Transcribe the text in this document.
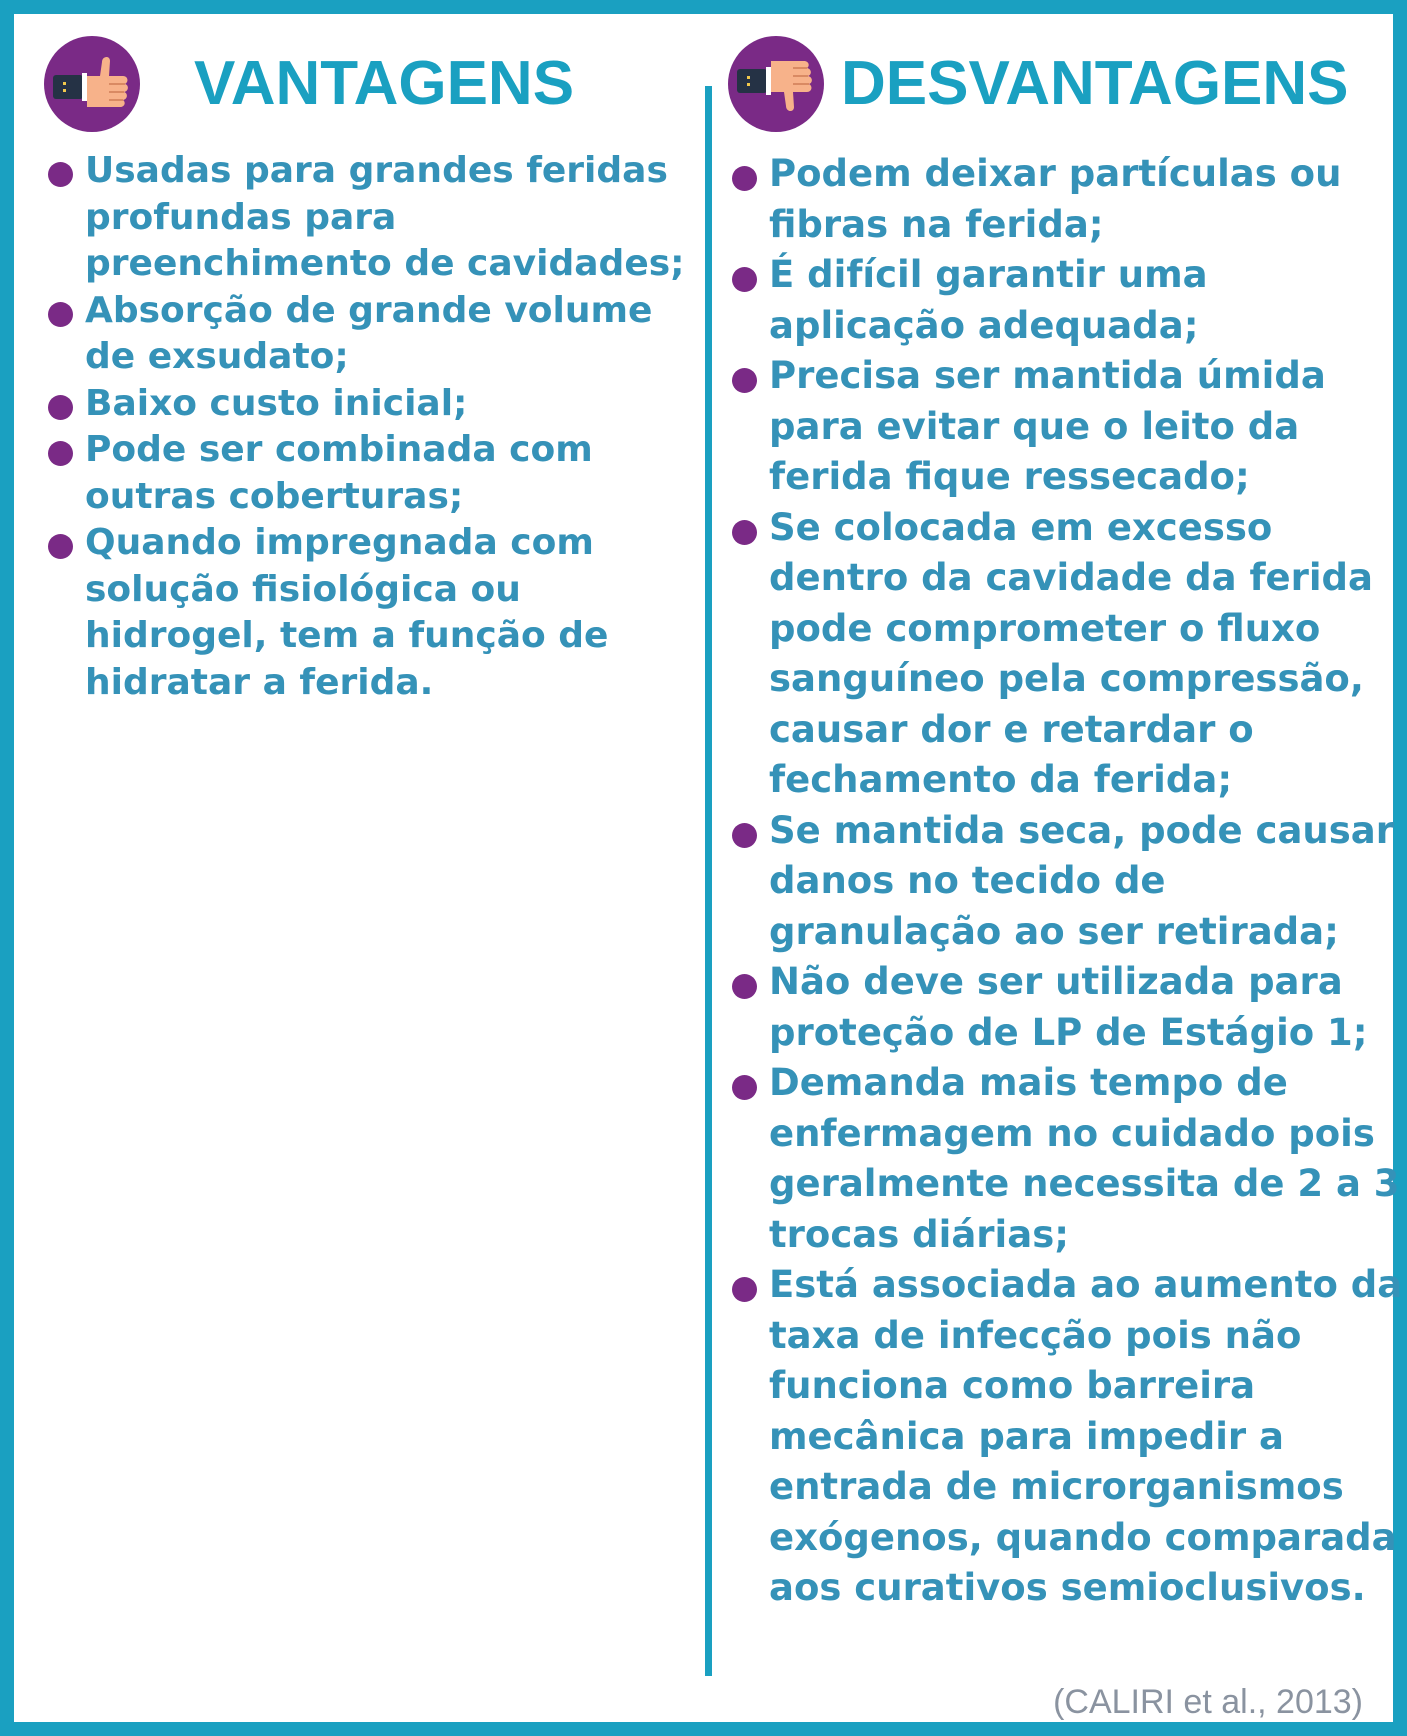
VANTAGENS
Usadas para grandes feridas profundas para preenchimento de cavidades;
Absorção de grande volume de exsudato;
Baixo custo inicial;
Pode ser combinada com outras coberturas;
Quando impregnada com solução fisiológica ou hidrogel, tem a função de hidratar a ferida.
DESVANTAGENS
Podem deixar partículas ou fibras na ferida;
É difícil garantir uma aplicação adequada;
Precisa ser mantida úmida para evitar que o leito da ferida fique ressecado;
Se colocada em excesso dentro da cavidade da ferida pode comprometer o fluxo sanguíneo pela compressão, causar dor e retardar o fechamento da ferida;
Se mantida seca, pode causar danos no tecido de granulação ao ser retirada;
Não deve ser utilizada para proteção de LP de Estágio 1;
Demanda mais tempo de enfermagem no cuidado pois geralmente necessita de 2 a 3 trocas diárias;
Está associada ao aumento da taxa de infecção pois não funciona como barreira mecânica para impedir a entrada de microrganismos exógenos, quando comparada aos curativos semioclusivos.
(CALIRI et al., 2013)
